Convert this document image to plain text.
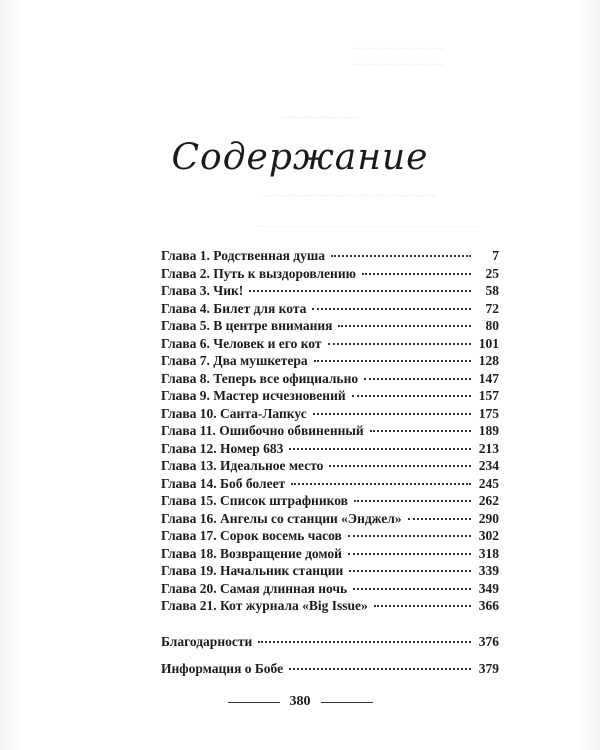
~~~~~~~~~~~~~~~~~
~~~~~~~~~~~~~~~~~
~~~~~~~~~~~~~~
~~~~~~~~~~~~~~~~~~~~~~~~~~~~~~~~
Содержание
Глава 1. Родственная душа	7
Глава 2. Путь к выздоровлению	25
Глава 3. Чик!	58
Глава 4. Билет для кота	72
Глава 5. В центре внимания	80
Глава 6. Человек и его кот	101
Глава 7. Два мушкетера	128
Глава 8. Теперь все официально	147
Глава 9. Мастер исчезновений	157
Глава 10. Санта-Лапкус	175
Глава 11. Ошибочно обвиненный	189
Глава 12. Номер 683	213
Глава 13. Идеальное место	234
Глава 14. Боб болеет	245
Глава 15. Список штрафников	262
Глава 16. Ангелы со станции «Энджел»	290
Глава 17. Сорок восемь часов	302
Глава 18. Возвращение домой	318
Глава 19. Начальник станции	339
Глава 20. Самая длинная ночь	349
Глава 21. Кот журнала «Big Issue»	366
Благодарности	376
Информация о Бобе	379
380
